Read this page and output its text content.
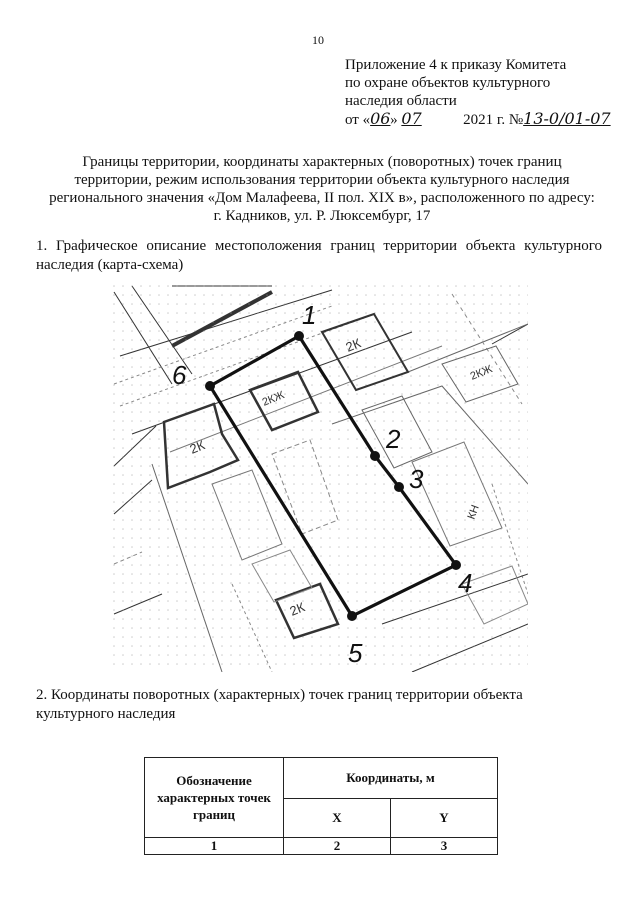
10
Приложение 4 к приказу Комитета
по охране объектов культурного
наследия области
от «06» 07	2021 г. №13-0/01-07
Границы территории, координаты характерных (поворотных) точек границ территории, режим использования территории объекта культурного наследия регионального значения «Дом Малафеева, II пол. XIX в», расположенного по адресу: г. Кадников, ул. Р. Люксембург, 17
1. Графическое описание местоположения границ территории объекта культурного наследия (карта-схема)
2К
2КЖ
2К
2КЖ
2К
КН
1
2
3
4
5
6
2. Координаты поворотных (характерных) точек границ территории объекта культурного наследия
Обозначение характерных точек границ	Координаты, м	
	X	Y
1	2	3
